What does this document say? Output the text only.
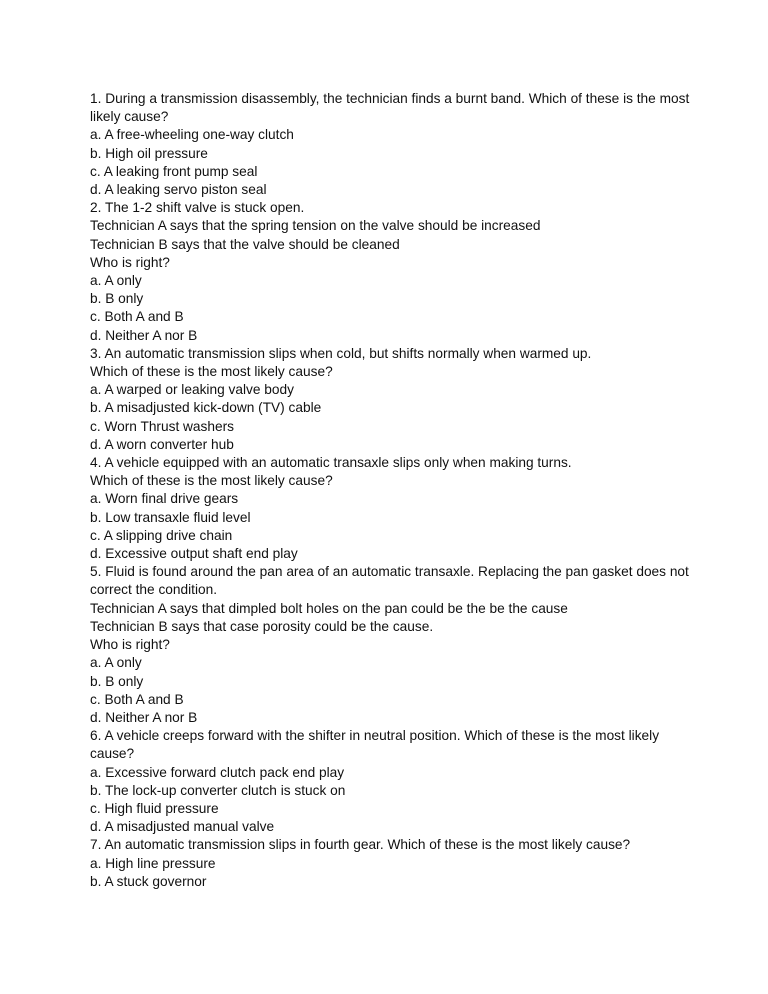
1. During a transmission disassembly, the technician finds a burnt band. Which of these is the most likely cause?

a. A free-wheeling one-way clutch

b. High oil pressure

c. A leaking front pump seal

d. A leaking servo piston seal

2. The 1-2 shift valve is stuck open.

Technician A says that the spring tension on the valve should be increased

Technician B says that the valve should be cleaned

Who is right?

a. A only

b. B only

c. Both A and B

d. Neither A nor B

3. An automatic transmission slips when cold, but shifts normally when warmed up.

Which of these is the most likely cause?

a. A warped or leaking valve body

b. A misadjusted kick-down (TV) cable

c. Worn Thrust washers

d. A worn converter hub

4. A vehicle equipped with an automatic transaxle slips only when making turns.

Which of these is the most likely cause?

a. Worn final drive gears

b. Low transaxle fluid level

c. A slipping drive chain

d. Excessive output shaft end play

5. Fluid is found around the pan area of an automatic transaxle. Replacing the pan gasket does not correct the condition.

Technician A says that dimpled bolt holes on the pan could be the be the cause

Technician B says that case porosity could be the cause.

Who is right?

a. A only

b. B only

c. Both A and B

d. Neither A nor B

6. A vehicle creeps forward with the shifter in neutral position. Which of these is the most likely cause?

a. Excessive forward clutch pack end play

b. The lock-up converter clutch is stuck on

c. High fluid pressure

d. A misadjusted manual valve

7. An automatic transmission slips in fourth gear. Which of these is the most likely cause?

a. High line pressure

b. A stuck governor
